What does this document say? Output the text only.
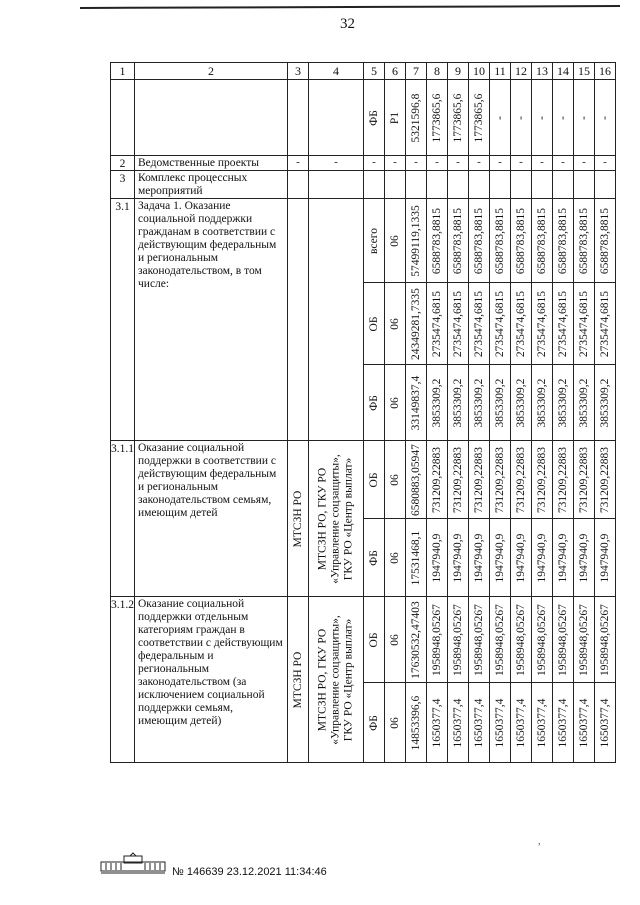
32
1	2	3	4	5	6	7	8	9	10	11	12	13	14	15	16

				ФБ	Р1	5321596,8	1773865,6	1773865,6	1773865,6	-	-	-	-	-	-

2	Ведомственные проекты	-	-	-	-	-	-	-	-	-	-	-	-	-	-

3	Комплекс процессных мероприятий														
3.1	Задача 1. Оказание социальной поддержки гражданам в соответствии с действующим федеральным и региональным законодательством, в том числе:			всего	06	57499119,1335	6588783,8815	6588783,8815	6588783,8815	6588783,8815	6588783,8815	6588783,8815	6588783,8815	6588783,8815	6588783,8815

				ОБ	06	24349281,7335	2735474,6815	2735474,6815	2735474,6815	2735474,6815	2735474,6815	2735474,6815	2735474,6815	2735474,6815	2735474,6815

				ФБ	06	33149837,4	3853309,2	3853309,2	3853309,2	3853309,2	3853309,2	3853309,2	3853309,2	3853309,2	3853309,2

3.1.1	Оказание социальной поддержки в соответствии с действующим федеральным и региональным законодательством семьям, имеющим детей	МТСЗН РО	МТСЗН РО, ГКУ РО «Управление соцзащиты», ГКУ РО «Центр выплат»	ОБ	06	6580883,05947	731209,22883	731209,22883	731209,22883	731209,22883	731209,22883	731209,22883	731209,22883	731209,22883	731209,22883

				ФБ	06	17531468,1	1947940,9	1947940,9	1947940,9	1947940,9	1947940,9	1947940,9	1947940,9	1947940,9	1947940,9

3.1.2	Оказание социальной поддержки отдельным категориям граждан в соответствии с действующим федеральным и региональным законодательством (за исключением социальной поддержки семьям, имеющим детей)	МТСЗН РО	МТСЗН РО, ГКУ РО «Управление соцзащиты», ГКУ РО «Центр выплат»	ОБ	06	17630532,47403	1958948,05267	1958948,05267	1958948,05267	1958948,05267	1958948,05267	1958948,05267	1958948,05267	1958948,05267	1958948,05267

				ФБ	06	14853396,6	1650377,4	1650377,4	1650377,4	1650377,4	1650377,4	1650377,4	1650377,4	1650377,4	1650377,4
,
№ 146639 23.12.2021 11:34:46
